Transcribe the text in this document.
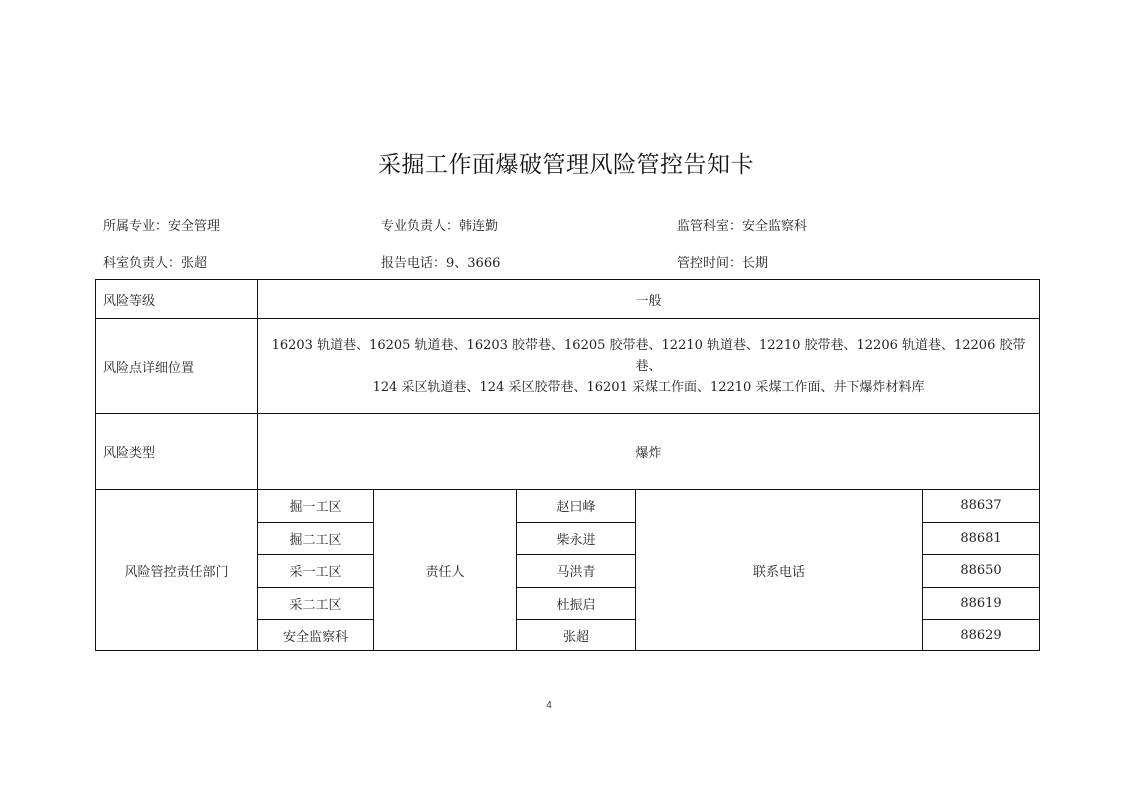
采掘工作面爆破管理风险管控告知卡
所属专业：安全管理	专业负责人：韩连勤	监管科室：安全监察科
科室负责人：张超	报告电话：9、3666	管控时间：长期
风险等级	一般				
风险点详细位置	16203 轨道巷、16205 轨道巷、16203 胶带巷、16205 胶带巷、12210 轨道巷、12210 胶带巷、12206 轨道巷、12206 胶带巷、
124 采区轨道巷、124 采区胶带巷、16201 采煤工作面、12210 采煤工作面、井下爆炸材料库				

风险类型	爆炸				
风险管控责任部门	掘一工区	责任人	赵曰峰	联系电话	88637
	掘二工区		柴永进		88681
	采一工区		马洪青		88650
	采二工区		杜振启		88619
	安全监察科		张超		88629
4
